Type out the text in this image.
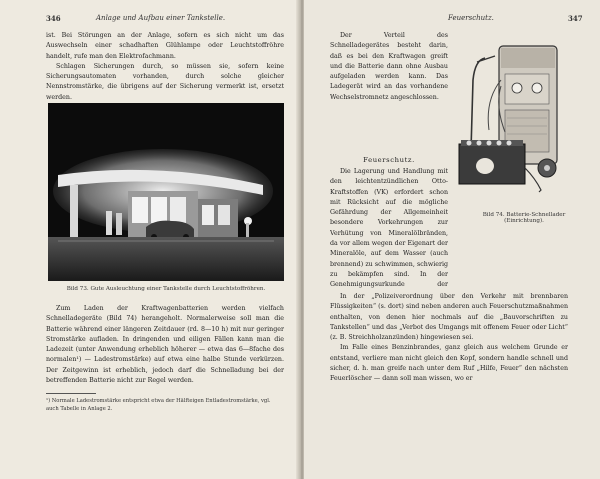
346	Anlage und Aufbau einer Tankstelle.

ist. Bei Störungen an der Anlage, sofern es sich nicht um das Auswechseln einer schadhaften Glühlampe oder Leuchtstoffröhre handelt, rufe man den Elektrofachmann.

Schlagen Sicherungen durch, so müssen sie, sofern keine Sicherungsautomaten vorhanden, durch solche gleicher Nennstromstärke, die übrigens auf der Sicherung vermerkt ist, ersetzt werden.

Bild 73. Gute Ausleuchtung einer Tankstelle durch Leuchtstoffröhren.

Zum Laden der Kraftwagenbatterien werden vielfach Schnelladegeräte (Bild 74) herangeholt. Normalerweise soll man die Batterie während einer längeren Zeitdauer (rd. 8—10 h) mit nur geringer Stromstärke aufladen. In dringenden und eiligen Fällen kann man die Ladezeit (unter Anwendung erheblich höherer — etwa das 6—8fache des normalen¹) — Ladestromstärke) auf etwa eine halbe Stunde verkürzen. Der Zeitgewinn ist erheblich, jedoch darf die Schnelladung bei der betreffenden Batterie nicht zur Regel werden.

¹) Normale Ladestromstärke entspricht etwa der Hälfteigen Entladestromstärke, vgl. auch Tabelle in Anlage 2.
Feuerschutz.	347

Der Verteil des Schnelladegerätes besteht darin, daß es bei den Kraftwagen greift und die Batterie dann ohne Ausbau aufgeladen werden kann. Das Ladegerät wird an das vorhandene Wechselstromnetz angeschlossen.

Feuerschutz.

Die Lagerung und Handlung mit den leichtentzündlichen Otto-Kraftstoffen (VK) erfordert schon mit Rücksicht auf die mögliche Gefährdung der Allgemeinheit besondere Vorkehrungen zur Verhütung von Mineralölbränden, da vor allem wegen der Eigenart der Mineralöle, auf dem Wasser (auch brennend) zu schwimmen, schwierig zu bekämpfen sind. In der Genehmigungsurkunde der

In der „Polizeiverordnung über den Verkehr mit brennbaren Flüssigkeiten“ (s. dort) sind neben anderen auch Feuerschutzmaßnahmen enthalten, von denen hier nochmals auf die „Bauvorschriften zu Tankstellen“ und das „Verbot des Umgangs mit offenem Feuer oder Licht“ (z. B. Streichholzanzünden) hingewiesen sei.

Im Falle eines Benzinbrandes, ganz gleich aus welchem Grunde er entstand, verliere man nicht gleich den Kopf, sondern handle schnell und sicher, d. h. man greife nach unter dem Ruf „Hilfe, Feuer“ den nächsten Feuerlöscher — dann soll man wissen, wo er

Bild 74. Batterie-Schnellader (Einrichtung).
